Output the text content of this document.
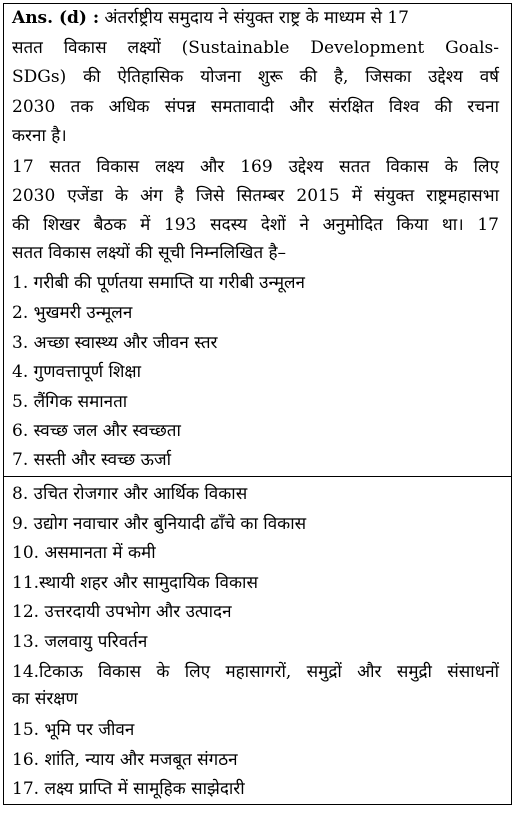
Ans. (d) : अंतर्राष्ट्रीय समुदाय ने संयुक्त राष्ट्र के माध्यम से 17
सतत विकास लक्ष्यों (Sustainable Development Goals-
SDGs) की ऐतिहासिक योजना शुरू की है, जिसका उद्देश्य वर्ष
2030 तक अधिक संपन्न समतावादी और संरक्षित विश्व की रचना
करना है।
17 सतत विकास लक्ष्य और 169 उद्देश्य सतत विकास के लिए
2030 एजेंडा के अंग है जिसे सितम्बर 2015 में संयुक्त राष्ट्रमहासभा
की शिखर बैठक में 193 सदस्य देशों ने अनुमोदित किया था। 17
सतत विकास लक्ष्यों की सूची निम्नलिखित है–
1. गरीबी की पूर्णतया समाप्ति या गरीबी उन्मूलन
2. भुखमरी उन्मूलन
3. अच्छा स्वास्थ्य और जीवन स्तर
4. गुणवत्तापूर्ण शिक्षा
5. लैंगिक समानता
6. स्वच्छ जल और स्वच्छता
7. सस्ती और स्वच्छ ऊर्जा
8. उचित रोजगार और आर्थिक विकास
9. उद्योग नवाचार और बुनियादी ढाँचे का विकास
10. असमानता में कमी
11.स्थायी शहर और सामुदायिक विकास
12. उत्तरदायी उपभोग और उत्पादन
13. जलवायु परिवर्तन
14.टिकाऊ विकास के लिए महासागरों, समुद्रों और समुद्री संसाधनों
का संरक्षण
15. भूमि पर जीवन
16. शांति, न्याय और मजबूत संगठन
17. लक्ष्य प्राप्ति में सामूहिक साझेदारी
